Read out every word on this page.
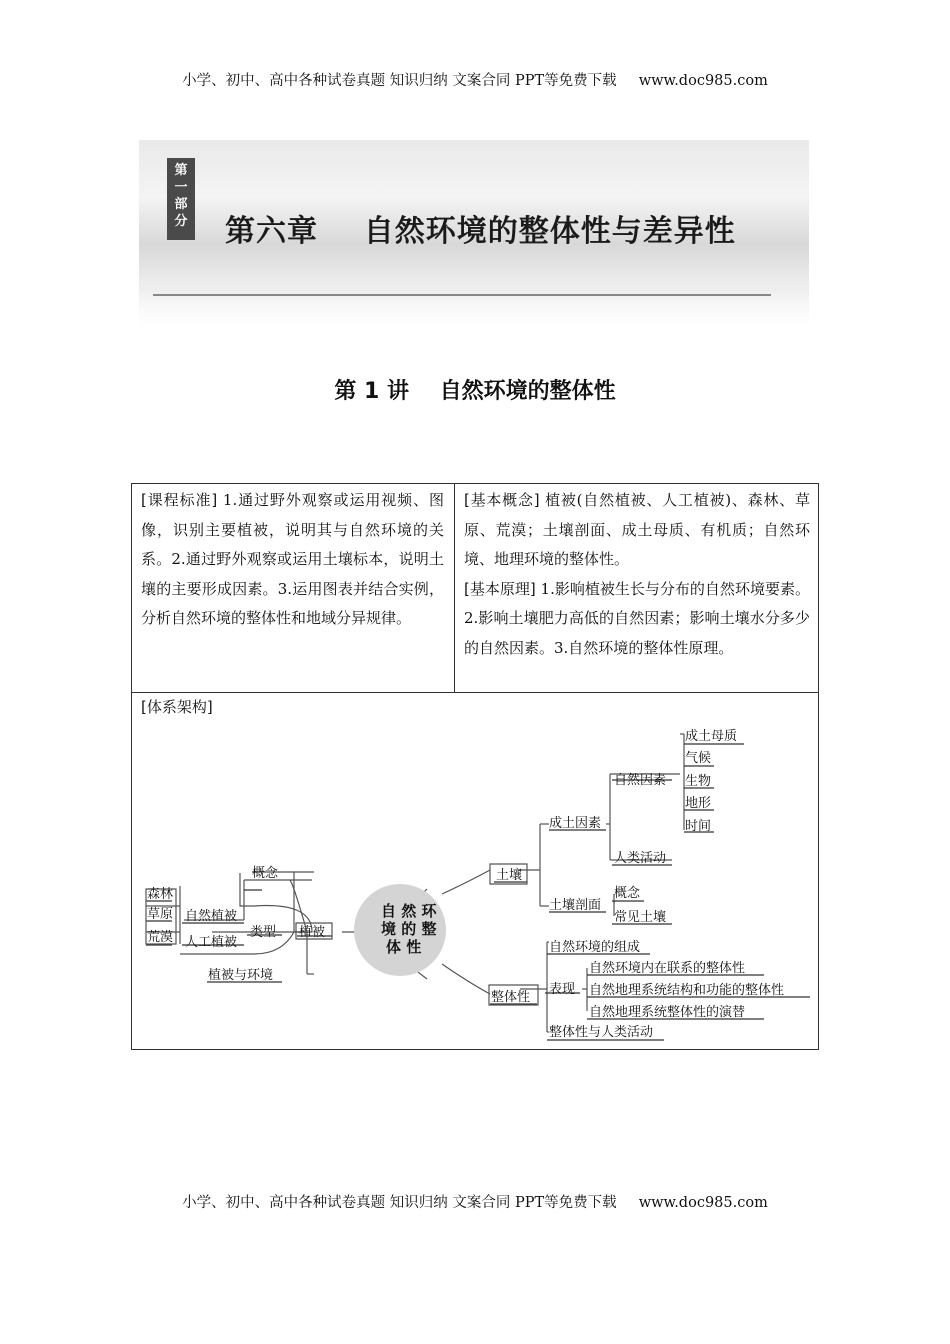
小学、初中、高中各种试卷真题 知识归纳 文案合同 PPT等免费下载 www.doc985.com
第
一
部
分 第六章    自然环境的整体性与差异性
第 1 讲    自然环境的整体性
[课程标准] 1.通过野外观察或运用视频、图像，识别主要植被，说明其与自然环境的关系。2.通过野外观察或运用土壤标本，说明土壤的主要形成因素。3.运用图表并结合实例，分析自然环境的整体性和地域分异规律。
[基本概念] 植被(自然植被、人工植被)、森林、草原、荒漠；土壤剖面、成土母质、有机质；自然环境、地理环境的整体性。
[基本原理] 1.影响植被生长与分布的自然环境要素。2.影响土壤肥力高低的自然因素；影响土壤水分多少的自然因素。3.自然环境的整体性原理。
[体系架构]
自 然 环
境 的 整
体 性
植被
概念
类型
自然植被
人工植被
森林
草原
荒漠
植被与环境
土壤
成土因素
自然因素
成土母质
气候
生物
地形
时间
人类活动
土壤剖面
概念
常见土壤
整体性
自然环境的组成
表现
自然环境内在联系的整体性
自然地理系统结构和功能的整体性
自然地理系统整体性的演替
整体性与人类活动
小学、初中、高中各种试卷真题 知识归纳 文案合同 PPT等免费下载 www.doc985.com
